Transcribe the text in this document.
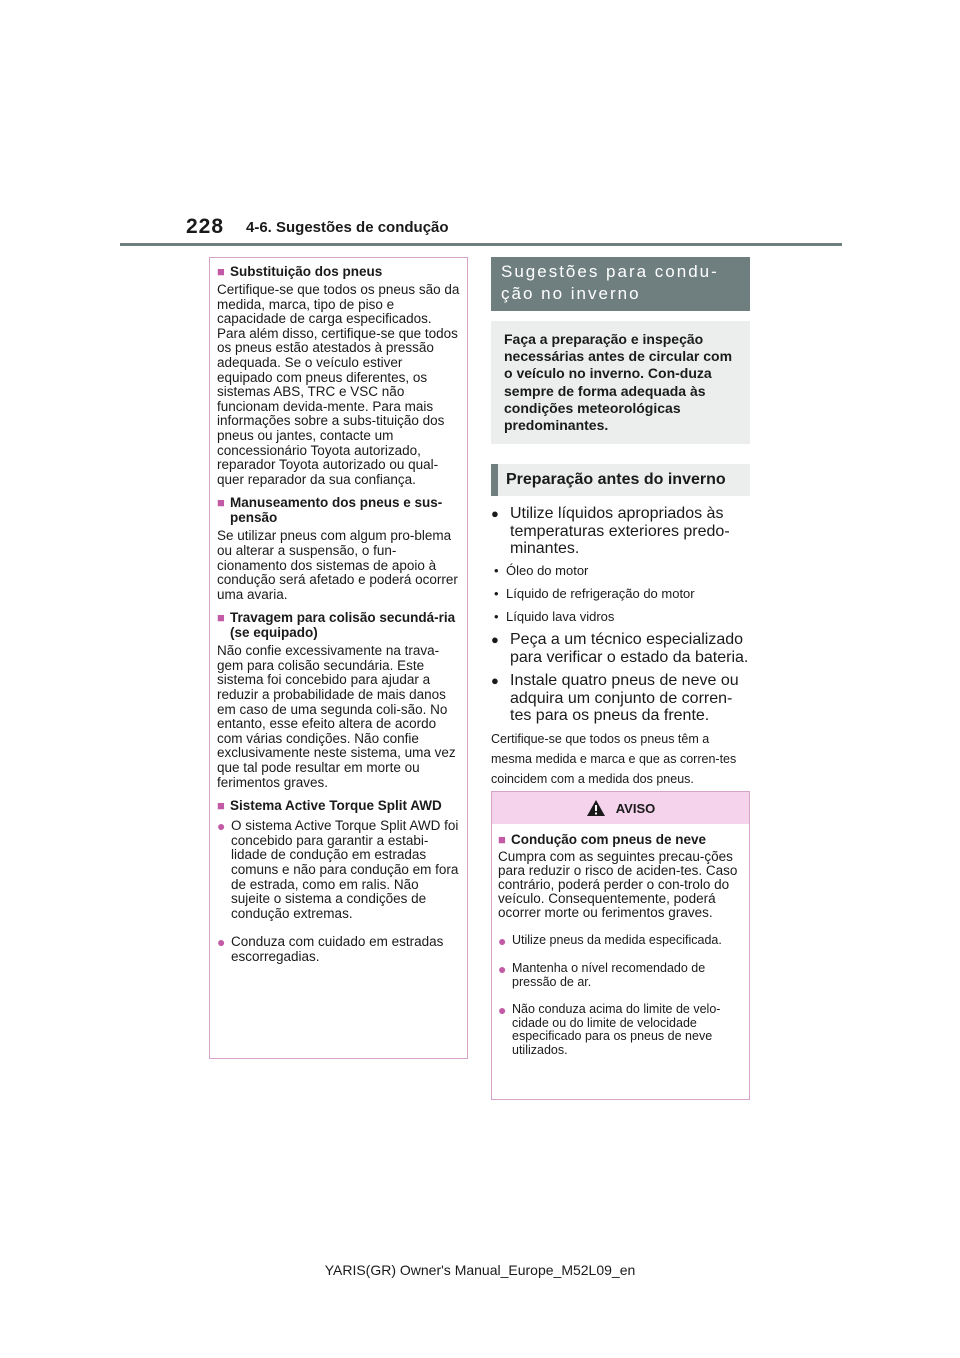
228 4-6. Sugestões de condução
■ Substituição dos pneus
Certifique-se que todos os pneus são da medida, marca, tipo de piso e capacidade de carga especificados. Para além disso, certifique-se que todos os pneus estão atestados à pressão adequada. Se o veículo estiver equipado com pneus diferentes, os sistemas ABS, TRC e VSC não funcionam devida-mente. Para mais informações sobre a subs-tituição dos pneus ou jantes, contacte um concessionário Toyota autorizado, reparador Toyota autorizado ou qual-quer reparador da sua confiança.
■ Manuseamento dos pneus e sus-pensão
Se utilizar pneus com algum pro-blema ou alterar a suspensão, o fun-cionamento dos sistemas de apoio à condução será afetado e poderá ocorrer uma avaria.
■ Travagem para colisão secundá-ria (se equipado)
Não confie excessivamente na trava-gem para colisão secundária. Este sistema foi concebido para ajudar a reduzir a probabilidade de mais danos em caso de uma segunda coli-são. No entanto, esse efeito altera de acordo com várias condições. Não confie exclusivamente neste sistema, uma vez que tal pode resultar em morte ou ferimentos graves.
■ Sistema Active Torque Split AWD
●
O sistema Active Torque Split AWD foi concebido para garantir a estabi-lidade de condução em estradas comuns e não para condução em fora de estrada, como em ralis. Não sujeite o sistema a condições de condução extremas.
●
Conduza com cuidado em estradas escorregadias.
Sugestões para condu-ção no inverno
Faça a preparação e inspeção necessárias antes de circular com o veículo no inverno. Con-duza sempre de forma adequada às condições meteorológicas predominantes.
Preparação antes do inverno
●
Utilize líquidos apropriados às temperaturas exteriores predo-minantes.
•
Óleo do motor
•
Líquido de refrigeração do motor
•
Líquido lava vidros
●
Peça a um técnico especializado para verificar o estado da bateria.
●
Instale quatro pneus de neve ou adquira um conjunto de corren-tes para os pneus da frente.
Certifique-se que todos os pneus têm a mesma medida e marca e que as corren-tes coincidem com a medida dos pneus.
AVISO
■ Condução com pneus de neve
Cumpra com as seguintes precau-ções para reduzir o risco de aciden-tes. Caso contrário, poderá perder o con-trolo do veículo. Consequentemente, poderá ocorrer morte ou ferimentos graves.
●
Utilize pneus da medida especificada.
●
Mantenha o nível recomendado de pressão de ar.
●
Não conduza acima do limite de velo-cidade ou do limite de velocidade especificado para os pneus de neve utilizados.
YARIS(GR) Owner's Manual_Europe_M52L09_en
